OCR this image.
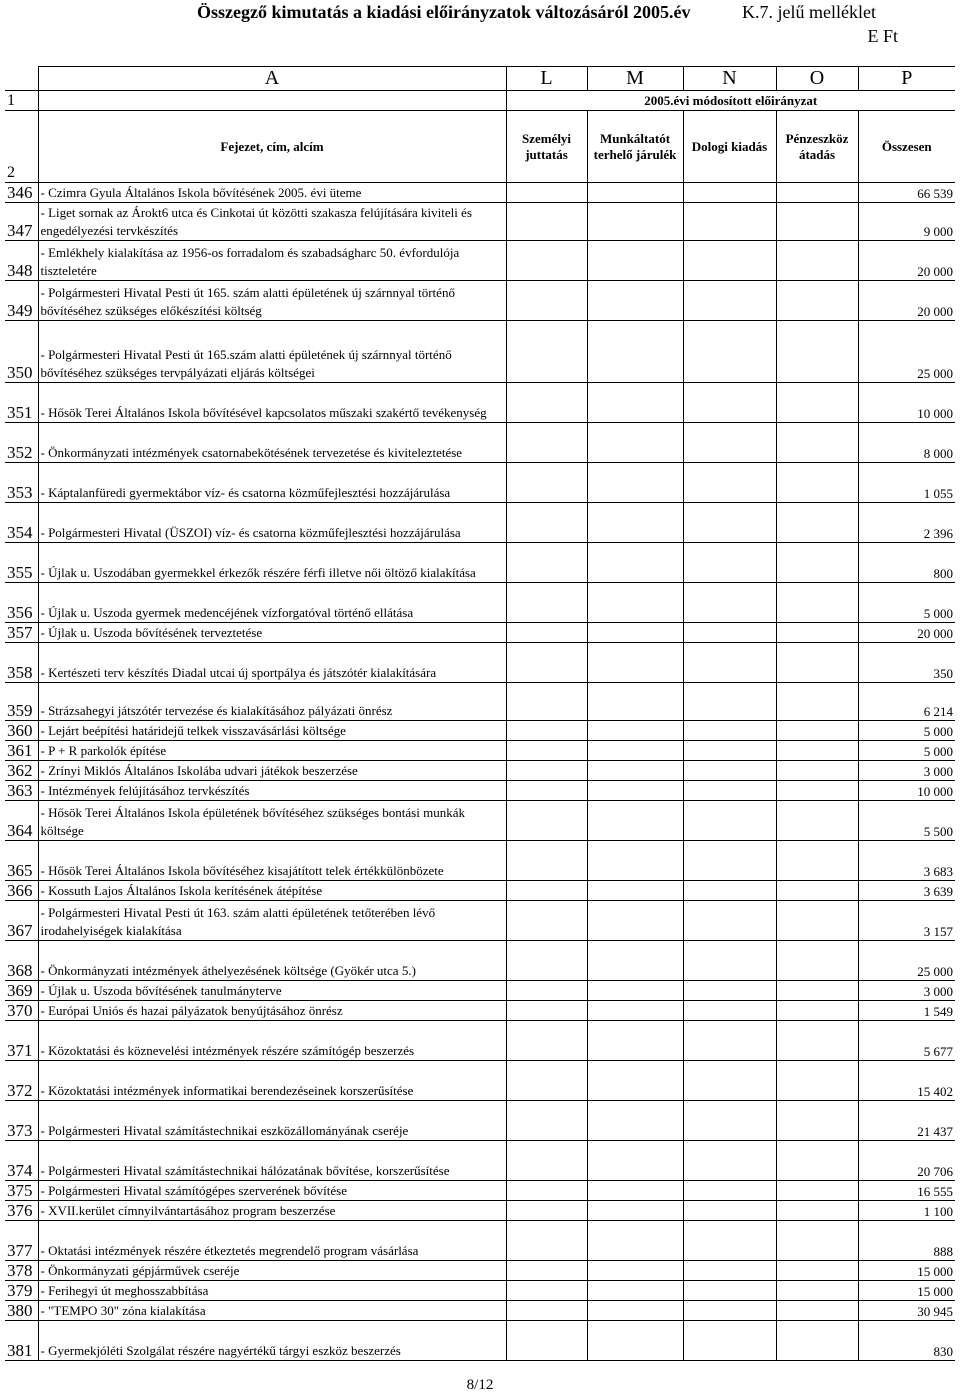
Összegző kimutatás a kiadási előirányzatok változásáról 2005.év	K.7. jelű melléklet
E Ft
	A	L	M	N	O	P
1		2005.évi módosított előirányzat				
2	Fejezet, cím, alcím	Személyi juttatás	Munkáltatót terhelő járulék	Dologi kiadás	Pénzeszköz átadás	Összesen
346	- Czimra Gyula Általános Iskola bővítésének 2005. évi üteme					66 539
347	- Liget sornak az Árokt6 utca és Cinkotai út közötti szakasza felújítására kiviteli és engedélyezési tervkészítés					9 000
348	- Emlékhely kialakítása az 1956-os forradalom és szabadságharc 50. évfordulója tiszteletére					20 000
349	- Polgármesteri Hivatal Pesti út 165. szám alatti épületének új szárnnyal történő bővítéséhez szükséges előkészítési költség					20 000
350	- Polgármesteri Hivatal Pesti út 165.szám alatti épületének új szárnnyal történő bővítéséhez szükséges tervpályázati eljárás költségei					25 000
351	- Hősök Terei Általános Iskola bővítésével kapcsolatos műszaki szakértő tevékenység					10 000
352	- Önkormányzati intézmények csatornabekötésének tervezetése és kiviteleztetése					8 000
353	- Káptalanfüredi gyermektábor víz- és csatorna közműfejlesztési hozzájárulása					1 055
354	- Polgármesteri Hivatal (ÜSZOI) víz- és csatorna közműfejlesztési hozzájárulása					2 396
355	- Újlak u. Uszodában gyermekkel érkezők részére férfi illetve női öltöző kialakítása					800
356	- Újlak u. Uszoda gyermek medencéjének vízforgatóval történő ellátása					5 000
357	- Újlak u. Uszoda bővítésének terveztetése					20 000
358	- Kertészeti terv készítés Diadal utcai új sportpálya és játszótér kialakítására					350
359	- Strázsahegyi játszótér tervezése és kialakításához pályázati önrész					6 214
360	- Lejárt beépítési határidejű telkek visszavásárlási költsége					5 000
361	- P + R parkolók építése					5 000
362	- Zrínyi Miklós Általános Iskolába udvari játékok beszerzése					3 000
363	- Intézmények felújításához tervkészítés					10 000
364	- Hősök Terei Általános Iskola épületének bővítéséhez szükséges bontási munkák költsége					5 500
365	- Hősök Terei Általános Iskola bővítéséhez kisajátított telek értékkülönbözete					3 683
366	- Kossuth Lajos Általános Iskola kerítésének átépítése					3 639
367	- Polgármesteri Hivatal Pesti út 163. szám alatti épületének tetőterében lévő irodahelyiségek kialakítása					3 157
368	- Önkormányzati intézmények áthelyezésének költsége (Gyökér utca 5.)					25 000
369	- Újlak u. Uszoda bővítésének tanulmányterve					3 000
370	- Európai Uniós és hazai pályázatok benyújtásához önrész					1 549
371	- Közoktatási és köznevelési intézmények részére számítógép beszerzés					5 677
372	- Közoktatási intézmények informatikai berendezéseinek korszerűsítése					15 402
373	- Polgármesteri Hivatal számítástechnikai eszközállományának cseréje					21 437
374	- Polgármesteri Hivatal számítástechnikai hálózatának bővítése, korszerűsítése					20 706
375	- Polgármesteri Hivatal számítógépes szerverének bővítése					16 555
376	- XVII.kerület címnyilvántartásához program beszerzése					1 100
377	- Oktatási intézmények részére étkeztetés megrendelő program vásárlása					888
378	- Önkormányzati gépjárművek cseréje					15 000
379	- Ferihegyi út meghosszabbítása					15 000
380	- "TEMPO 30" zóna kialakítása					30 945
381	- Gyermekjóléti Szolgálat részére nagyértékű tárgyi eszköz beszerzés					830
8/12
